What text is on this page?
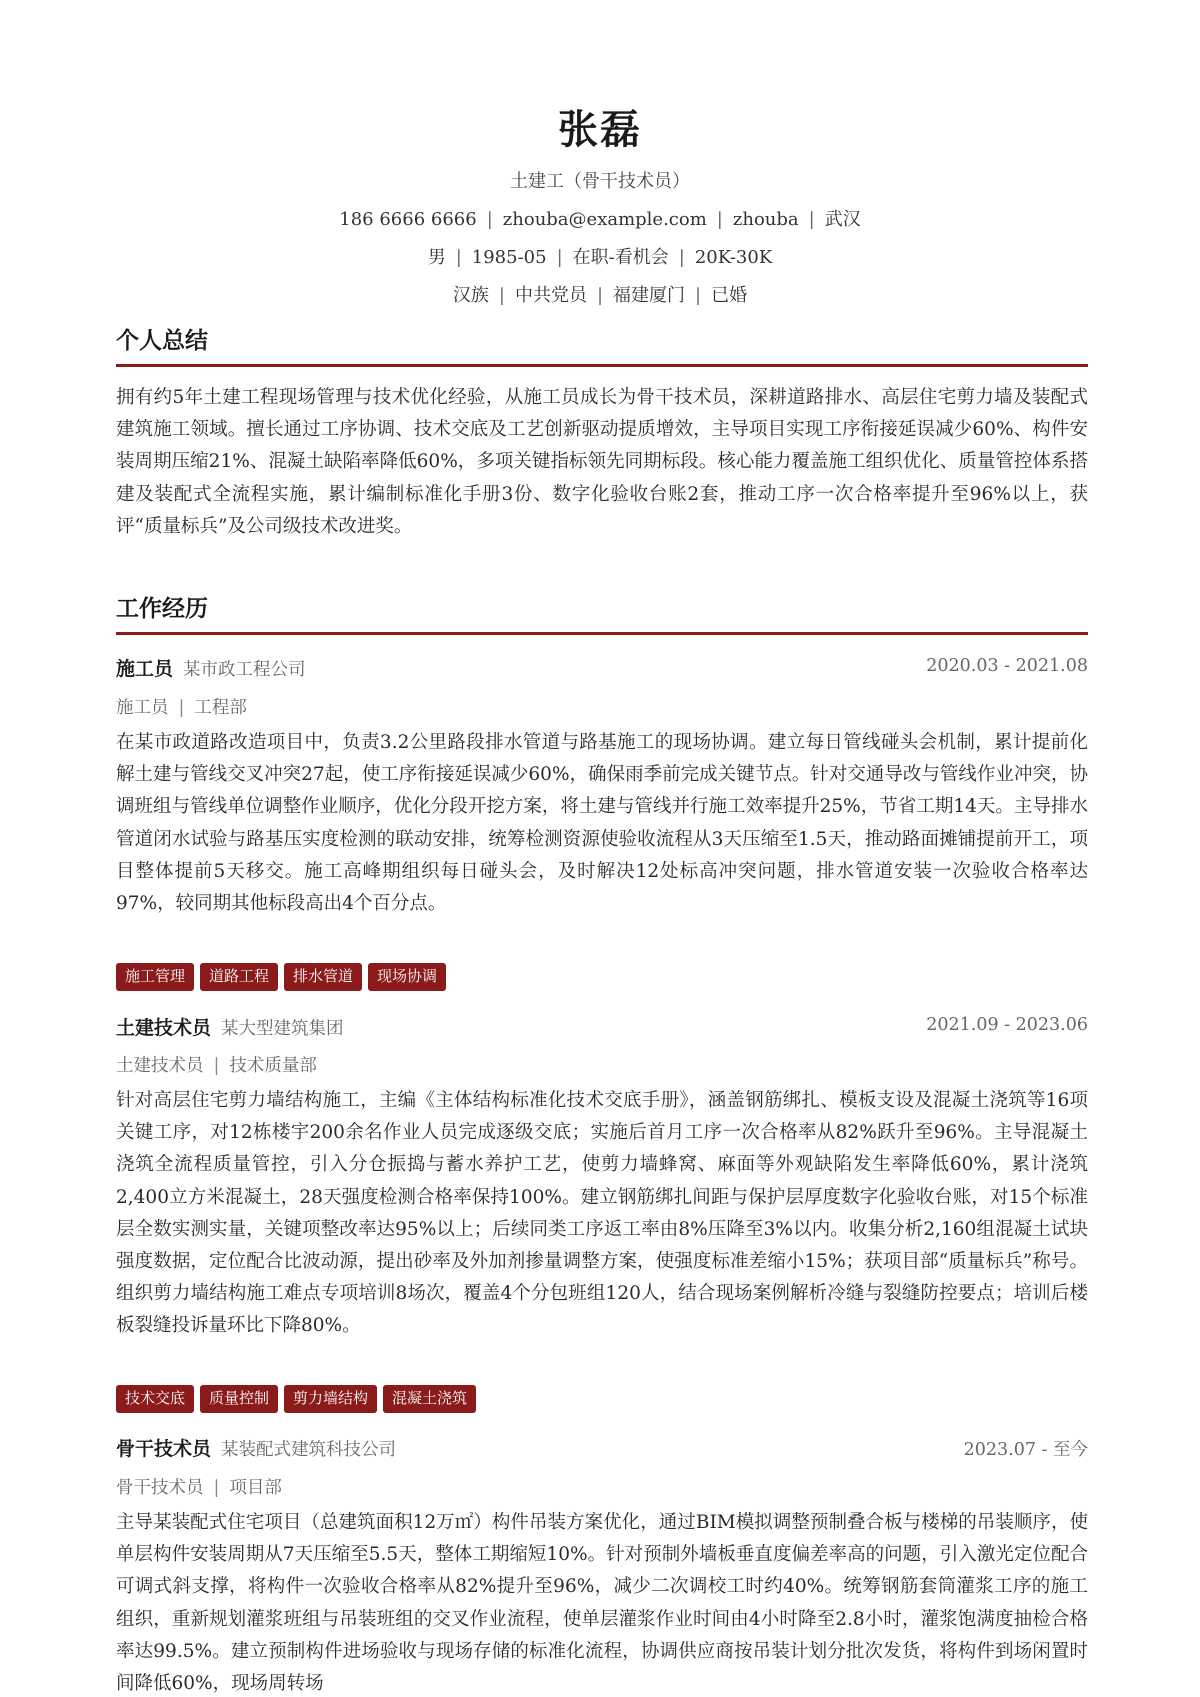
张磊
土建工（骨干技术员）
186 6666 6666 | zhouba@example.com | zhouba | 武汉
男 | 1985-05 | 在职-看机会 | 20K-30K
汉族 | 中共党员 | 福建厦门 | 已婚
个人总结
拥有约5年土建工程现场管理与技术优化经验，从施工员成长为骨干技术员，深耕道路排水、高层住宅剪力墙及装配式建筑施工领域。擅长通过工序协调、技术交底及工艺创新驱动提质增效，主导项目实现工序衔接延误减少60%、构件安装周期压缩21%、混凝土缺陷率降低60%，多项关键指标领先同期标段。核心能力覆盖施工组织优化、质量管控体系搭建及装配式全流程实施，累计编制标准化手册3份、数字化验收台账2套，推动工序一次合格率提升至96%以上，获评“质量标兵”及公司级技术改进奖。
工作经历
施工员 某市政工程公司	2020.03 - 2021.08
施工员 | 工程部
在某市政道路改造项目中，负责3.2公里路段排水管道与路基施工的现场协调。建立每日管线碰头会机制，累计提前化解土建与管线交叉冲突27起，使工序衔接延误减少60%，确保雨季前完成关键节点。针对交通导改与管线作业冲突，协调班组与管线单位调整作业顺序，优化分段开挖方案，将土建与管线并行施工效率提升25%，节省工期14天。主导排水管道闭水试验与路基压实度检测的联动安排，统筹检测资源使验收流程从3天压缩至1.5天，推动路面摊铺提前开工，项目整体提前5天移交。施工高峰期组织每日碰头会，及时解决12处标高冲突问题，排水管道安装一次验收合格率达97%，较同期其他标段高出4个百分点。
施工管理	道路工程	排水管道	现场协调
土建技术员 某大型建筑集团	2021.09 - 2023.06
土建技术员 | 技术质量部
针对高层住宅剪力墙结构施工，主编《主体结构标准化技术交底手册》，涵盖钢筋绑扎、模板支设及混凝土浇筑等16项关键工序，对12栋楼宇200余名作业人员完成逐级交底；实施后首月工序一次合格率从82%跃升至96%。主导混凝土浇筑全流程质量管控，引入分仓振捣与蓄水养护工艺，使剪力墙蜂窝、麻面等外观缺陷发生率降低60%，累计浇筑2,400立方米混凝土，28天强度检测合格率保持100%。建立钢筋绑扎间距与保护层厚度数字化验收台账，对15个标准层全数实测实量，关键项整改率达95%以上；后续同类工序返工率由8%压降至3%以内。收集分析2,160组混凝土试块强度数据，定位配合比波动源，提出砂率及外加剂掺量调整方案，使强度标准差缩小15%；获项目部“质量标兵”称号。组织剪力墙结构施工难点专项培训8场次，覆盖4个分包班组120人，结合现场案例解析冷缝与裂缝防控要点；培训后楼板裂缝投诉量环比下降80%。
技术交底	质量控制	剪力墙结构	混凝土浇筑
骨干技术员 某装配式建筑科技公司	2023.07 - 至今
骨干技术员 | 项目部
主导某装配式住宅项目（总建筑面积12万㎡）构件吊装方案优化，通过BIM模拟调整预制叠合板与楼梯的吊装顺序，使单层构件安装周期从7天压缩至5.5天，整体工期缩短10%。针对预制外墙板垂直度偏差率高的问题，引入激光定位配合可调式斜支撑，将构件一次验收合格率从82%提升至96%，减少二次调校工时约40%。统筹钢筋套筒灌浆工序的施工组织，重新规划灌浆班组与吊装班组的交叉作业流程，使单层灌浆作业时间由4小时降至2.8小时，灌浆饱满度抽检合格率达99.5%。建立预制构件进场验收与现场存储的标准化流程，协调供应商按吊装计划分批次发货，将构件到场闲置时间降低60%，现场周转场
